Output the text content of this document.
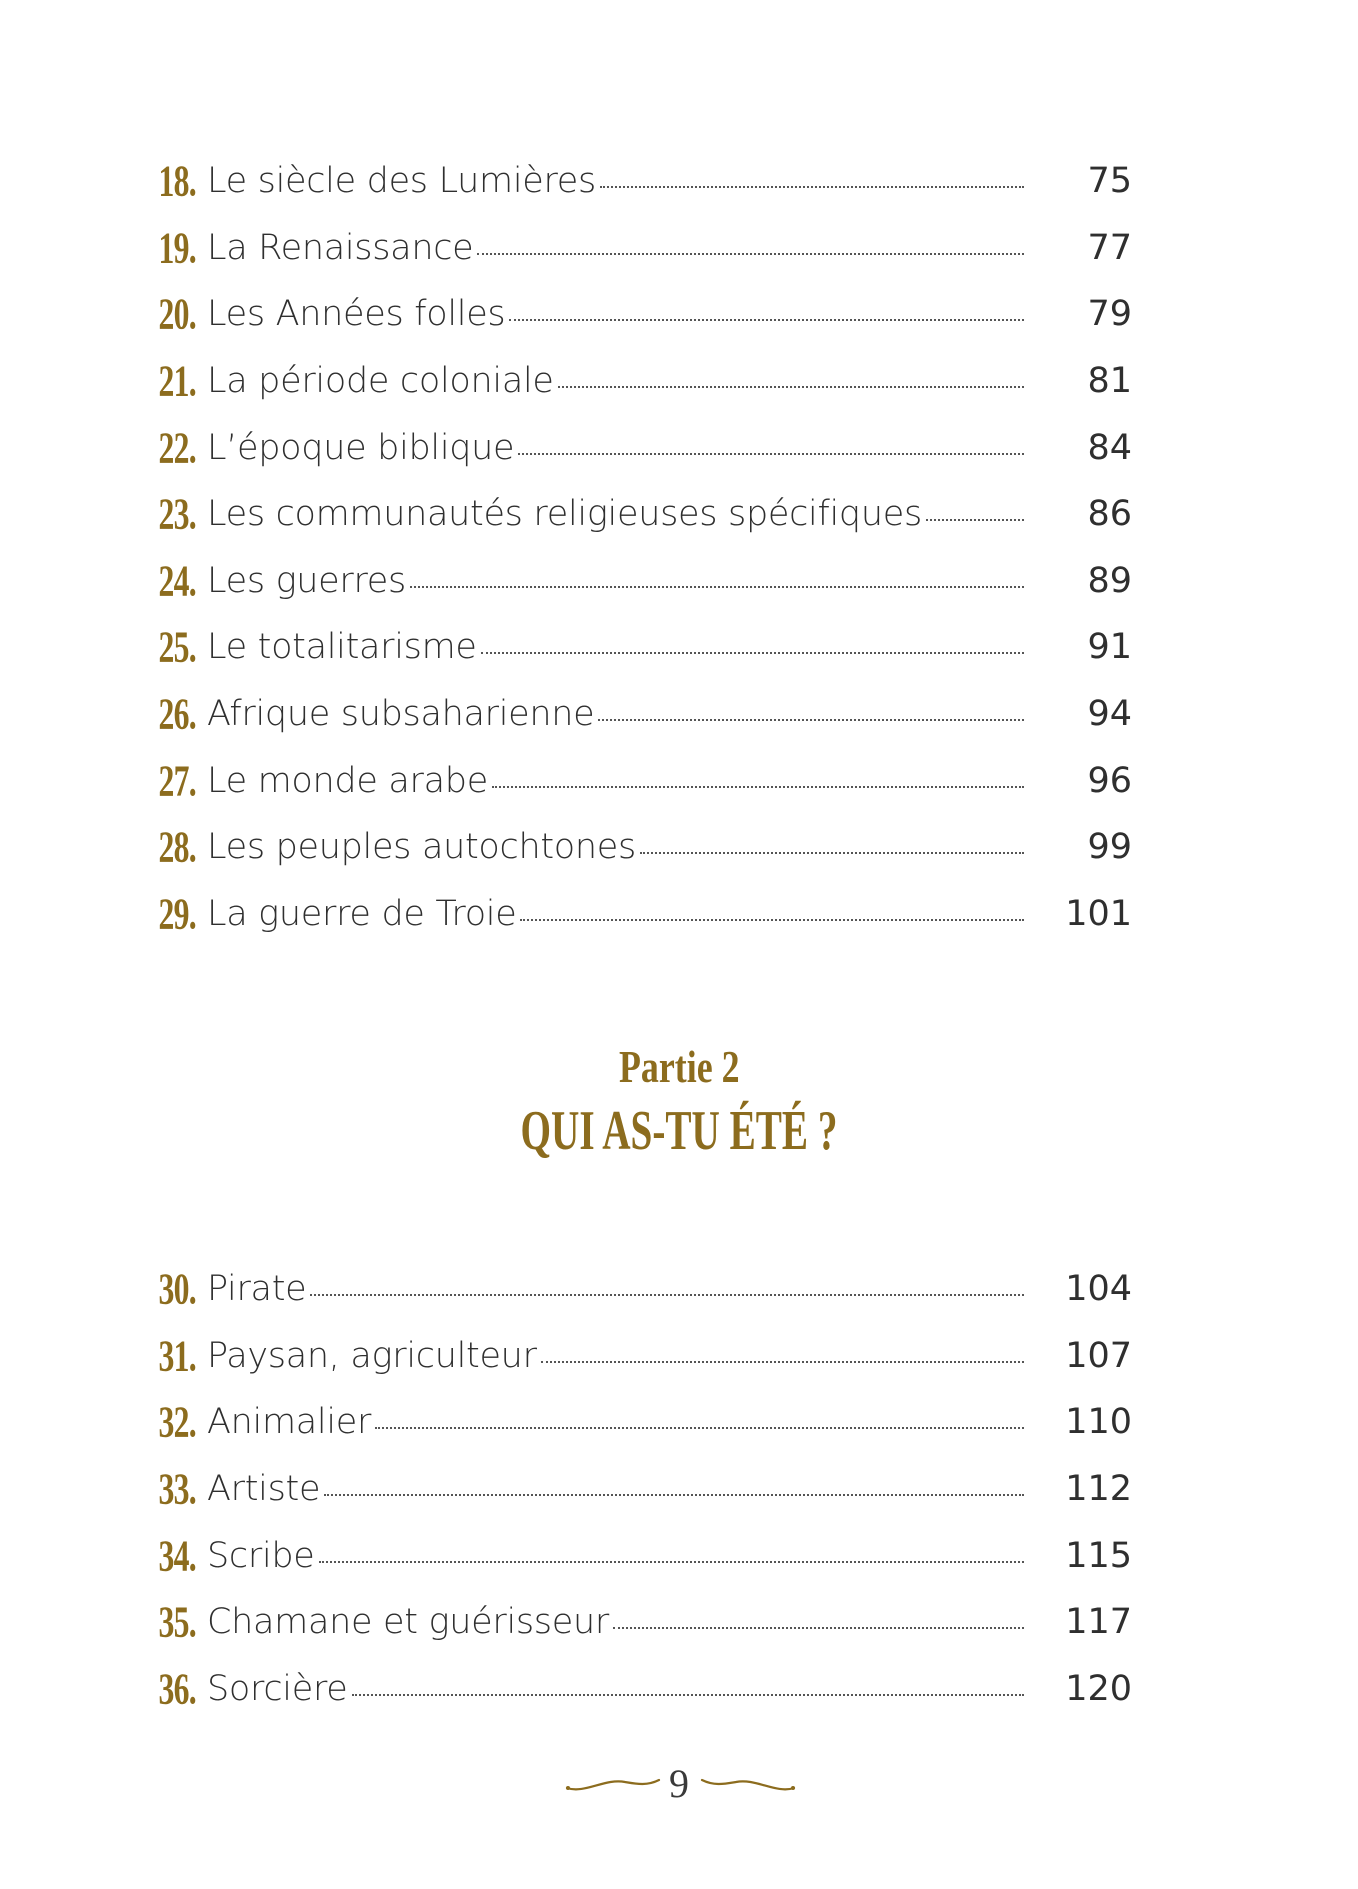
18. Le siècle des Lumières	75
19. La Renaissance	77
20. Les Années folles	79
21. La période coloniale	81
22. L’époque biblique	84
23. Les communautés religieuses spécifiques	86
24. Les guerres	89
25. Le totalitarisme	91
26. Afrique subsaharienne	94
27. Le monde arabe	96
28. Les peuples autochtones	99
29. La guerre de Troie	101
Partie 2
QUI AS-TU ÉTÉ ?
30. Pirate	104
31. Paysan, agriculteur	107
32. Animalier	110
33. Artiste	112
34. Scribe	115
35. Chamane et guérisseur	117
36. Sorcière	120
9
